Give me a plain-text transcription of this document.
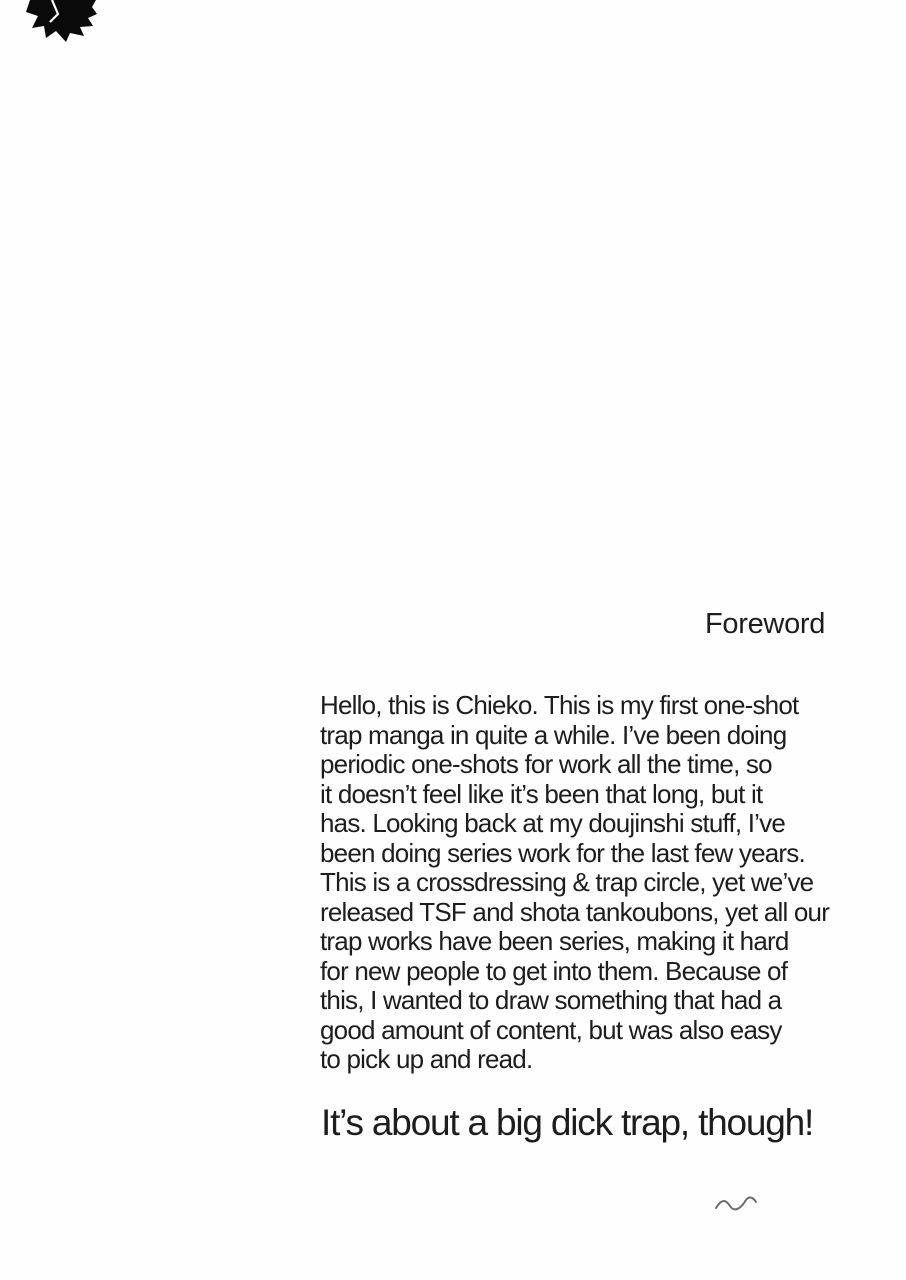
Foreword
Hello, this is Chieko. This is my first one-shot
trap manga in quite a while. I’ve been doing
periodic one-shots for work all the time, so
it doesn’t feel like it’s been that long, but it
has. Looking back at my doujinshi stuff, I’ve
been doing series work for the last few years.
This is a crossdressing & trap circle, yet we’ve
released TSF and shota tankoubons, yet all our
trap works have been series, making it hard
for new people to get into them. Because of
this, I wanted to draw something that had a
good amount of content, but was also easy
to pick up and read.
It’s about a big dick trap, though!
